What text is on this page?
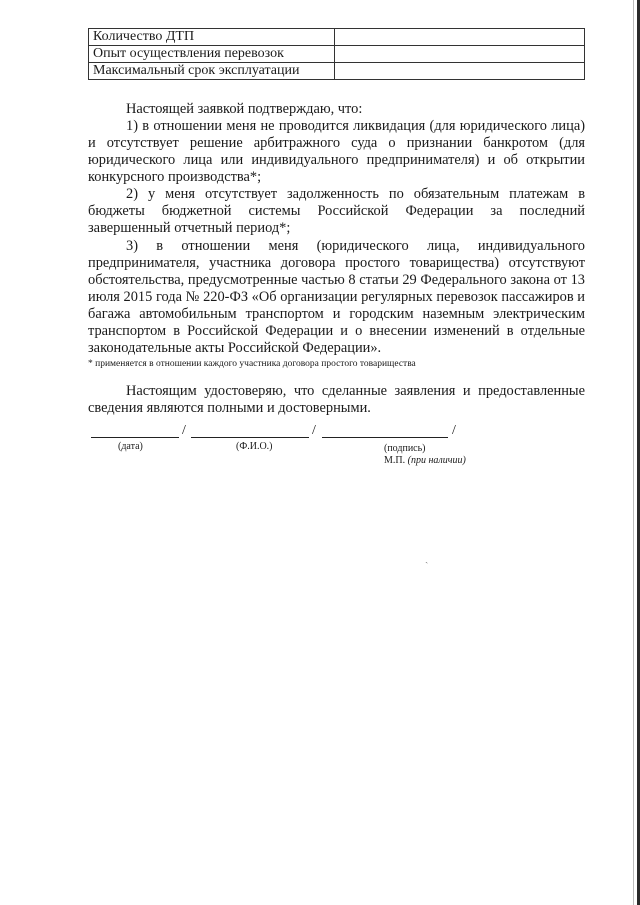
Количество ДТП	
Опыт осуществления перевозок	
Максимальный срок эксплуатации	

Настоящей заявкой подтверждаю, что:

1) в отношении меня не проводится ликвидация (для юридического лица) и отсутствует решение арбитражного суда о признании банкротом (для юридического лица или индивидуального предпринимателя) и об открытии конкурсного производства*;

2) у меня отсутствует задолженность по обязательным платежам в бюджеты бюджетной системы Российской Федерации за последний завершенный отчетный период*;

3) в отношении меня (юридического лица, индивидуального предпринимателя, участника договора простого товарищества) отсутствуют обстоятельства, предусмотренные частью 8 статьи 29 Федерального закона от 13 июля 2015 года № 220-ФЗ «Об организации регулярных перевозок пассажиров и багажа автомобильным транспортом и городским наземным электрическим транспортом в Российской Федерации и о внесении изменений в отдельные законодательные акты Российской Федерации».

* применяется в отношении каждого участника договора простого товарищества

Настоящим удостоверяю, что сделанные заявления и предоставленные сведения являются полными и достоверными.

/	/	/
(дата)	(Ф.И.О.)	(подпись)
М.П. (при наличии)
ˎ
